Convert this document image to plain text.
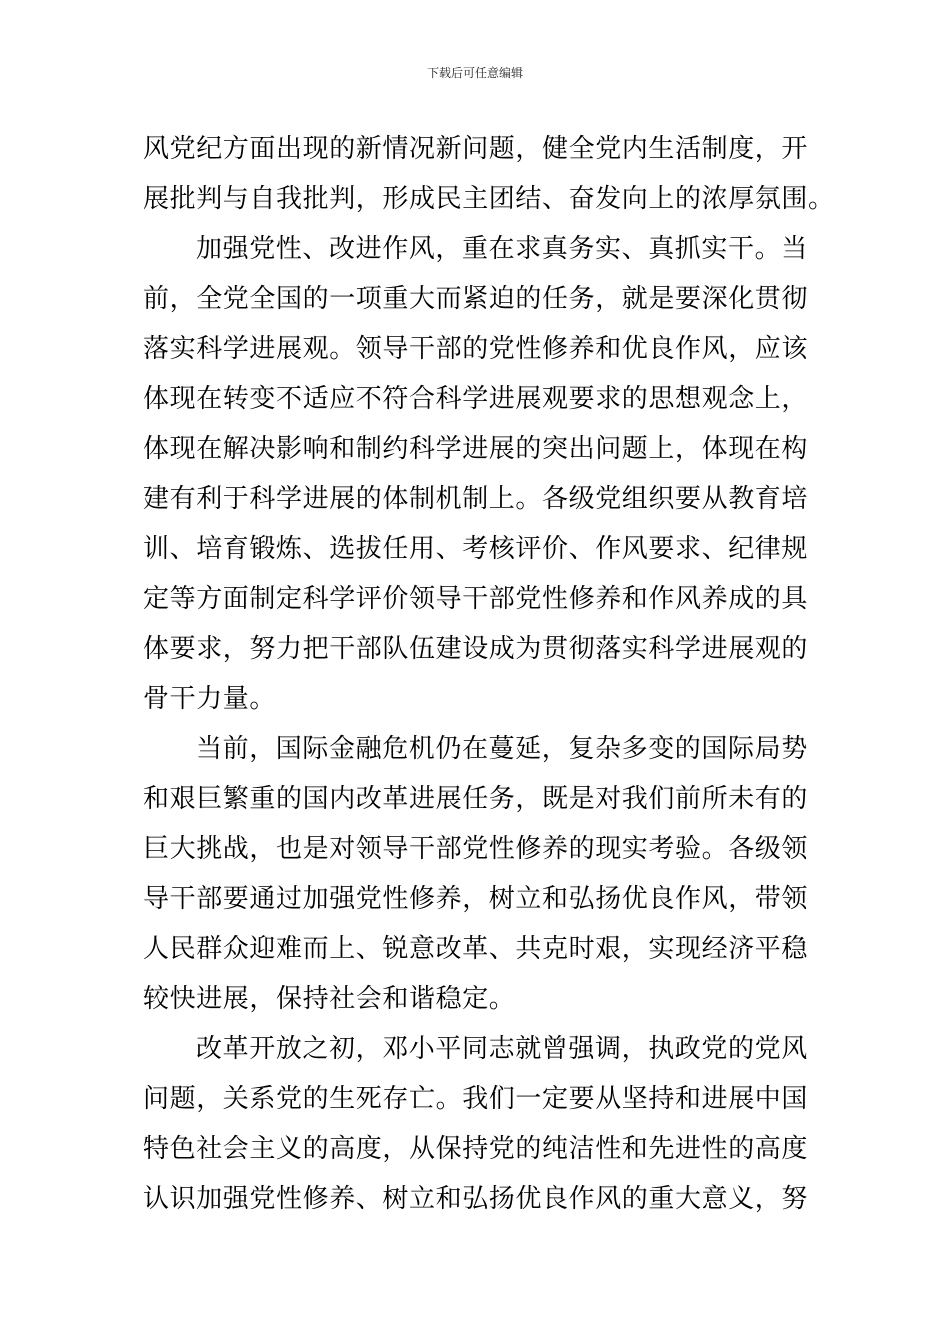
下载后可任意编辑
风党纪方面出现的新情况新问题，健全党内生活制度，开
展批判与自我批判，形成民主团结、奋发向上的浓厚氛围。
加强党性、改进作风，重在求真务实、真抓实干。当
前，全党全国的一项重大而紧迫的任务，就是要深化贯彻
落实科学进展观。领导干部的党性修养和优良作风，应该
体现在转变不适应不符合科学进展观要求的思想观念上，
体现在解决影响和制约科学进展的突出问题上，体现在构
建有利于科学进展的体制机制上。各级党组织要从教育培
训、培育锻炼、选拔任用、考核评价、作风要求、纪律规
定等方面制定科学评价领导干部党性修养和作风养成的具
体要求，努力把干部队伍建设成为贯彻落实科学进展观的
骨干力量。
当前，国际金融危机仍在蔓延，复杂多变的国际局势
和艰巨繁重的国内改革进展任务，既是对我们前所未有的
巨大挑战，也是对领导干部党性修养的现实考验。各级领
导干部要通过加强党性修养，树立和弘扬优良作风，带领
人民群众迎难而上、锐意改革、共克时艰，实现经济平稳
较快进展，保持社会和谐稳定。
改革开放之初，邓小平同志就曾强调，执政党的党风
问题，关系党的生死存亡。我们一定要从坚持和进展中国
特色社会主义的高度，从保持党的纯洁性和先进性的高度
认识加强党性修养、树立和弘扬优良作风的重大意义，努
